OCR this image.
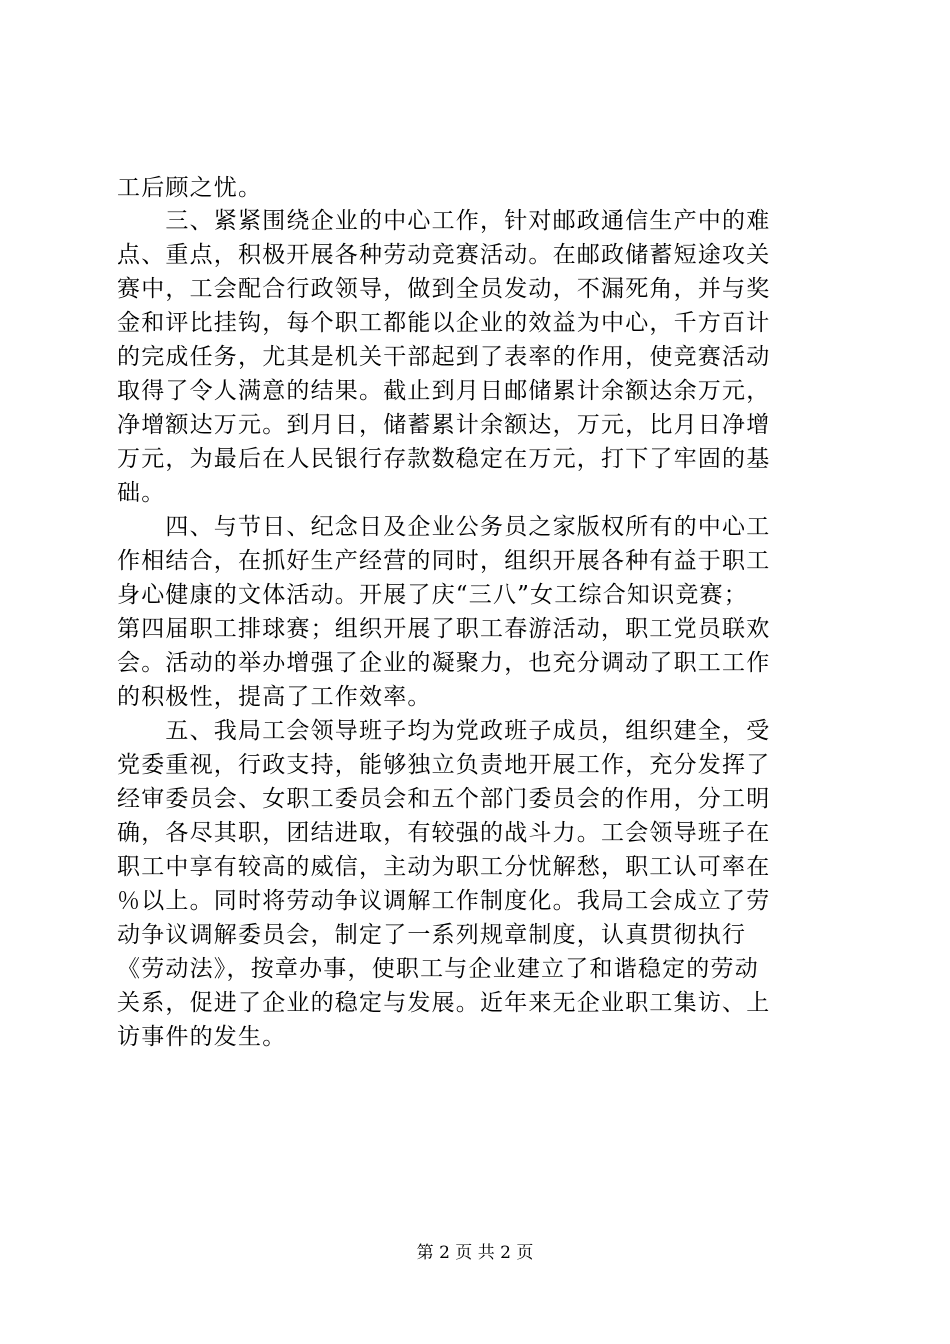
工后顾之忧。
　　三、紧紧围绕企业的中心工作，针对邮政通信生产中的难
点、重点，积极开展各种劳动竞赛活动。在邮政储蓄短途攻关
赛中，工会配合行政领导，做到全员发动，不漏死角，并与奖
金和评比挂钩，每个职工都能以企业的效益为中心，千方百计
的完成任务，尤其是机关干部起到了表率的作用，使竞赛活动
取得了令人满意的结果。截止到月日邮储累计余额达余万元，
净增额达万元。到月日，储蓄累计余额达，万元，比月日净增
万元，为最后在人民银行存款数稳定在万元，打下了牢固的基
础。
　　四、与节日、纪念日及企业公务员之家版权所有的中心工
作相结合，在抓好生产经营的同时，组织开展各种有益于职工
身心健康的文体活动。开展了庆“三八”女工综合知识竞赛；
第四届职工排球赛；组织开展了职工春游活动，职工党员联欢
会。活动的举办增强了企业的凝聚力，也充分调动了职工工作
的积极性，提高了工作效率。
　　五、我局工会领导班子均为党政班子成员，组织建全，受
党委重视，行政支持，能够独立负责地开展工作，充分发挥了
经审委员会、女职工委员会和五个部门委员会的作用，分工明
确，各尽其职，团结进取，有较强的战斗力。工会领导班子在
职工中享有较高的威信，主动为职工分忧解愁，职工认可率在
％以上。同时将劳动争议调解工作制度化。我局工会成立了劳
动争议调解委员会，制定了一系列规章制度，认真贯彻执行
《劳动法》，按章办事，使职工与企业建立了和谐稳定的劳动
关系，促进了企业的稳定与发展。近年来无企业职工集访、上
访事件的发生。
第 2 页 共 2 页
